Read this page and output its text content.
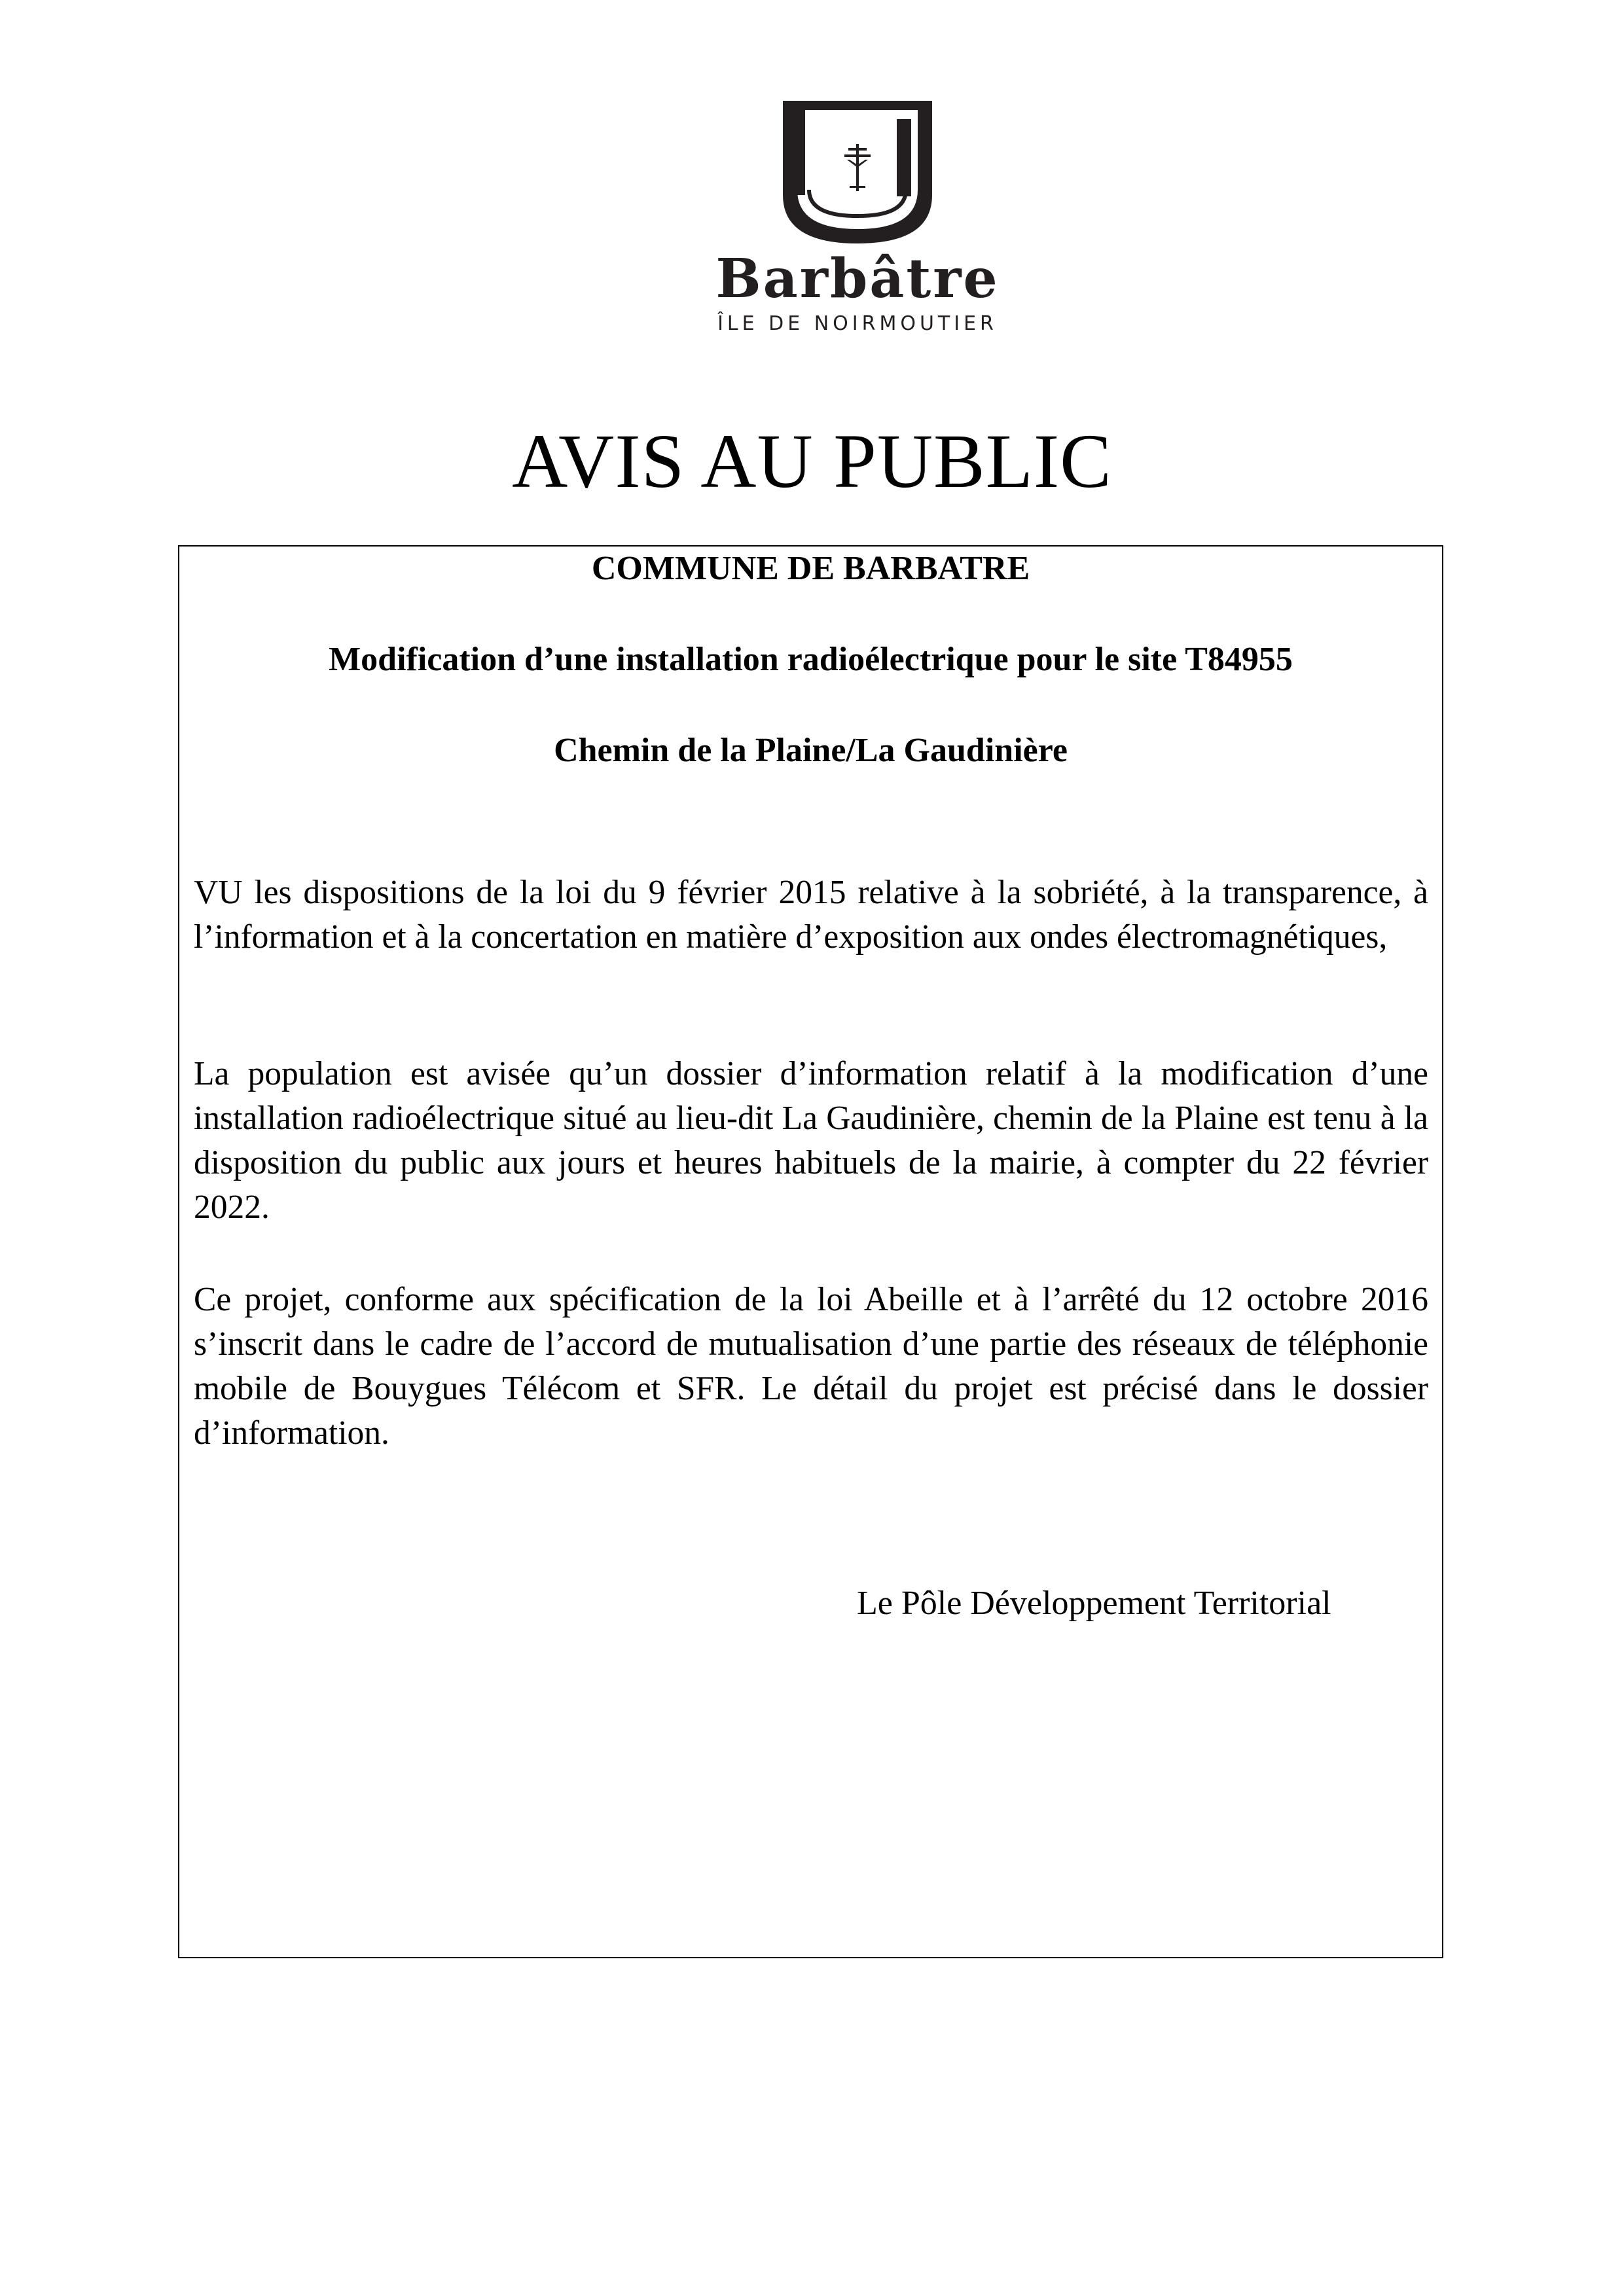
Barbâtre
ÎLE DE NOIRMOUTIER
AVIS AU PUBLIC

COMMUNE DE BARBATRE

Modification d’une installation radioélectrique pour le site T84955

Chemin de la Plaine/La Gaudinière

VU les dispositions de la loi du 9 février 2015 relative à la sobriété, à la transparence, à l’information et à la concertation en matière d’exposition aux ondes électromagnétiques,

La population est avisée qu’un dossier d’information relatif à la modification d’une installation radioélectrique situé au lieu-dit La Gaudinière, chemin de la Plaine est tenu à la disposition du public aux jours et heures habituels de la mairie, à compter du 22 février 2022.

Ce projet, conforme aux spécification de la loi Abeille et à l’arrêté du 12 octobre 2016 s’inscrit dans le cadre de l’accord de mutualisation d’une partie des réseaux de téléphonie mobile de Bouygues Télécom et SFR. Le détail du projet est précisé dans le dossier d’information.

Le Pôle Développement Territorial
